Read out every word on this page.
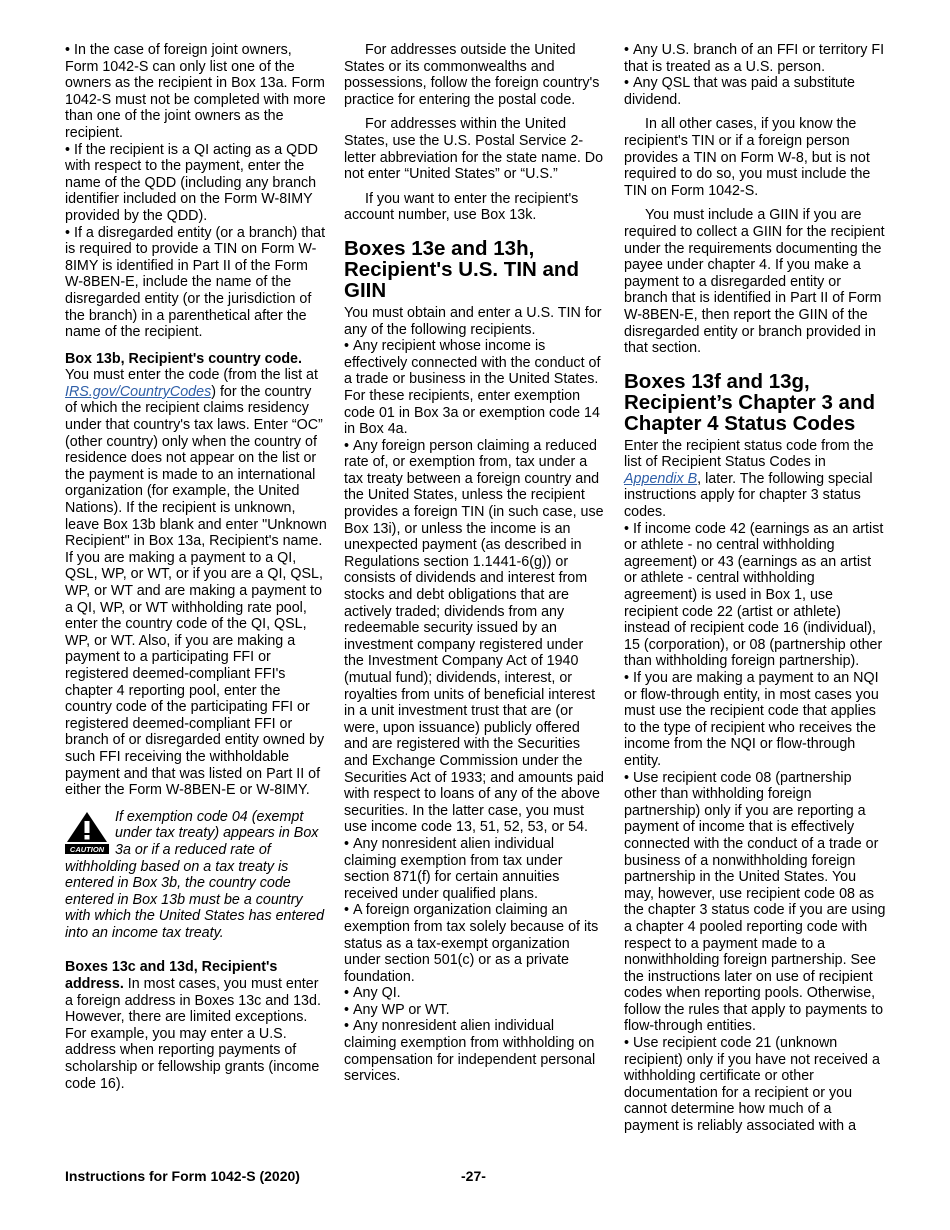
• In the case of foreign joint owners, Form 1042-S can only list one of the owners as the recipient in Box 13a. Form 1042-S must not be completed with more than one of the joint owners as the recipient.

• If the recipient is a QI acting as a QDD with respect to the payment, enter the name of the QDD (including any branch identifier included on the Form W-8IMY provided by the QDD).

• If a disregarded entity (or a branch) that is required to provide a TIN on Form W-8IMY is identified in Part II of the Form W-8BEN-E, include the name of the disregarded entity (or the jurisdiction of the branch) in a parenthetical after the name of the recipient.

Box 13b, Recipient's country code. You must enter the code (from the list at IRS.gov/CountryCodes) for the country of which the recipient claims residency under that country's tax laws. Enter “OC” (other country) only when the country of residence does not appear on the list or the payment is made to an international organization (for example, the United Nations). If the recipient is unknown, leave Box 13b blank and enter "Unknown Recipient" in Box 13a, Recipient's name. If you are making a payment to a QI, QSL, WP, or WT, or if you are a QI, QSL, WP, or WT and are making a payment to a QI, WP, or WT withholding rate pool, enter the country code of the QI, QSL, WP, or WT. Also, if you are making a payment to a participating FFI or registered deemed-compliant FFI's chapter 4 reporting pool, enter the country code of the participating FFI or registered deemed-compliant FFI or branch of or disregarded entity owned by such FFI receiving the withholdable payment and that was listed on Part II of either the Form W-8BEN-E or W-8IMY.

CAUTION
If exemption code 04 (exempt under tax treaty) appears in Box 3a or if a reduced rate of withholding based on a tax treaty is entered in Box 3b, the country code entered in Box 13b must be a country with which the United States has entered into an income tax treaty.

Boxes 13c and 13d, Recipient's address. In most cases, you must enter a foreign address in Boxes 13c and 13d. However, there are limited exceptions. For example, you may enter a U.S. address when reporting payments of scholarship or fellowship grants (income code 16).

For addresses outside the United States or its commonwealths and possessions, follow the foreign country's practice for entering the postal code.

For addresses within the United States, use the U.S. Postal Service 2-letter abbreviation for the state name. Do not enter “United States” or “U.S.”

If you want to enter the recipient's account number, use Box 13k.

Boxes 13e and 13h, Recipient's U.S. TIN and GIIN

You must obtain and enter a U.S. TIN for any of the following recipients.

• Any recipient whose income is effectively connected with the conduct of a trade or business in the United States. For these recipients, enter exemption code 01 in Box 3a or exemption code 14 in Box 4a.

• Any foreign person claiming a reduced rate of, or exemption from, tax under a tax treaty between a foreign country and the United States, unless the recipient provides a foreign TIN (in such case, use Box 13i), or unless the income is an unexpected payment (as described in Regulations section 1.1441-6(g)) or consists of dividends and interest from stocks and debt obligations that are actively traded; dividends from any redeemable security issued by an investment company registered under the Investment Company Act of 1940 (mutual fund); dividends, interest, or royalties from units of beneficial interest in a unit investment trust that are (or were, upon issuance) publicly offered and are registered with the Securities and Exchange Commission under the Securities Act of 1933; and amounts paid with respect to loans of any of the above securities. In the latter case, you must use income code 13, 51, 52, 53, or 54.

• Any nonresident alien individual claiming exemption from tax under section 871(f) for certain annuities received under qualified plans.

• A foreign organization claiming an exemption from tax solely because of its status as a tax-exempt organization under section 501(c) or as a private foundation.

• Any QI.

• Any WP or WT.

• Any nonresident alien individual claiming exemption from withholding on compensation for independent personal services.

• Any U.S. branch of an FFI or territory FI that is treated as a U.S. person.

• Any QSL that was paid a substitute dividend.

In all other cases, if you know the recipient's TIN or if a foreign person provides a TIN on Form W-8, but is not required to do so, you must include the TIN on Form 1042-S.

You must include a GIIN if you are required to collect a GIIN for the recipient under the requirements documenting the payee under chapter 4. If you make a payment to a disregarded entity or branch that is identified in Part II of Form W-8BEN-E, then report the GIIN of the disregarded entity or branch provided in that section.

Boxes 13f and 13g, Recipient’s Chapter 3 and Chapter 4 Status Codes

Enter the recipient status code from the list of Recipient Status Codes in Appendix B, later. The following special instructions apply for chapter 3 status codes.

• If income code 42 (earnings as an artist or athlete - no central withholding agreement) or 43 (earnings as an artist or athlete - central withholding agreement) is used in Box 1, use recipient code 22 (artist or athlete) instead of recipient code 16 (individual), 15 (corporation), or 08 (partnership other than withholding foreign partnership).

• If you are making a payment to an NQI or flow-through entity, in most cases you must use the recipient code that applies to the type of recipient who receives the income from the NQI or flow-through entity.

• Use recipient code 08 (partnership other than withholding foreign partnership) only if you are reporting a payment of income that is effectively connected with the conduct of a trade or business of a nonwithholding foreign partnership in the United States. You may, however, use recipient code 08 as the chapter 3 status code if you are using a chapter 4 pooled reporting code with respect to a payment made to a nonwithholding foreign partnership. See the instructions later on use of recipient codes when reporting pools. Otherwise, follow the rules that apply to payments to flow-through entities.

• Use recipient code 21 (unknown recipient) only if you have not received a withholding certificate or other documentation for a recipient or you cannot determine how much of a payment is reliably associated with a

Instructions for Form 1042-S (2020)	-27-
